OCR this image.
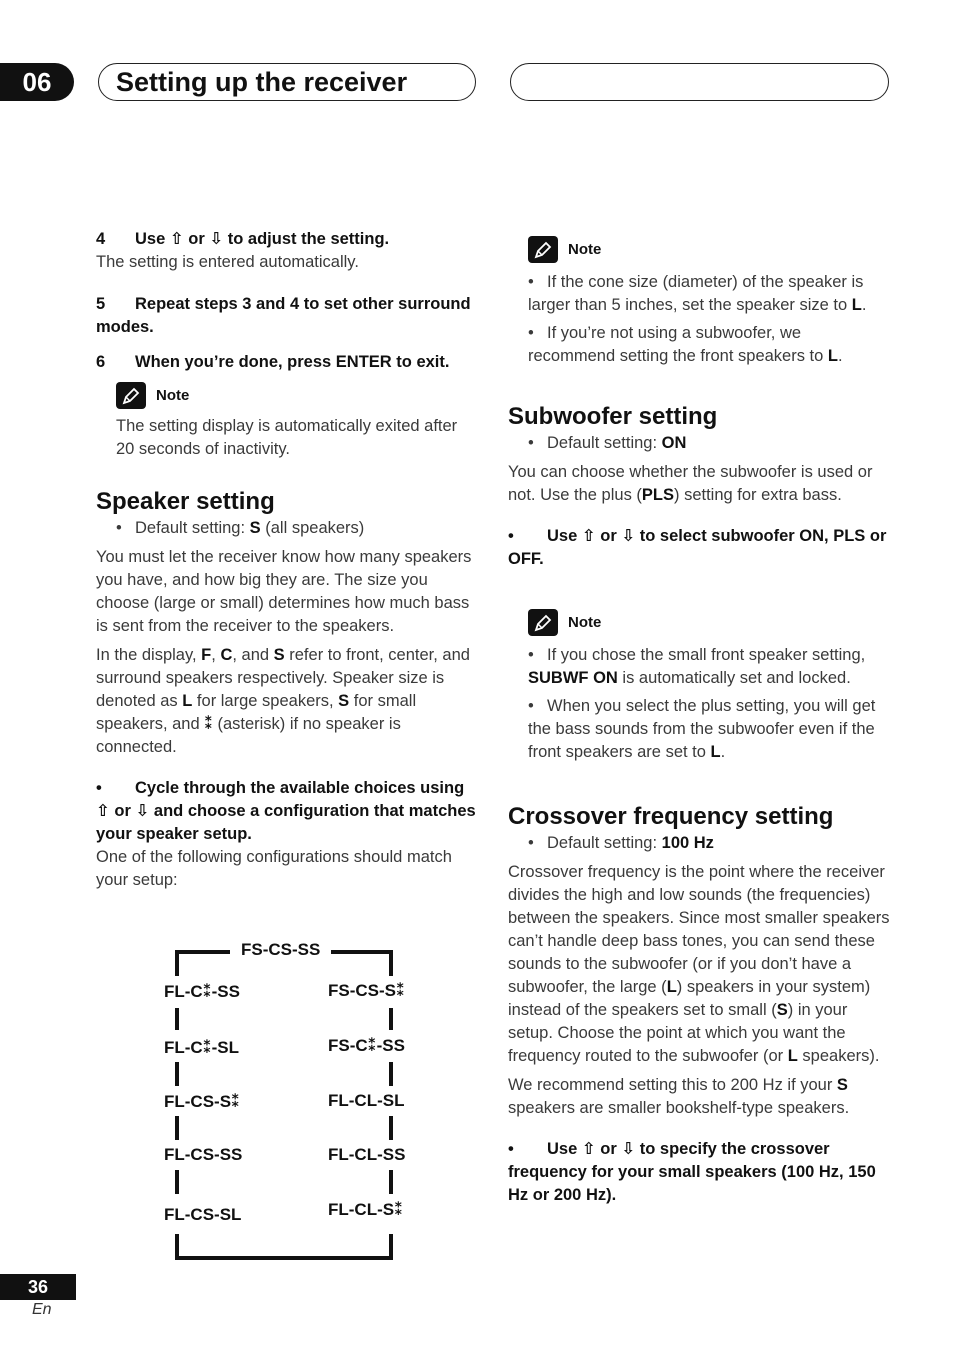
06 Setting up the receiver

4 Use ⇧ or ⇩ to adjust the setting.

The setting is entered automatically.

5 Repeat steps 3 and 4 to set other surround modes.

6 When you’re done, press ENTER to exit.

Note

The setting display is automatically exited after 20 seconds of inactivity.

Speaker setting

• Default setting: S (all speakers)

You must let the receiver know how many speakers you have, and how big they are. The size you choose (large or small) determines how much bass is sent from the receiver to the speakers.

In the display, F, C, and S refer to front, center, and surround speakers respectively. Speaker size is denoted as L for large speakers, S for small speakers, and ⁑ (asterisk) if no speaker is connected.

• Cycle through the available choices using ⇧ or ⇩ and choose a configuration that matches your speaker setup.

One of the following configurations should match your setup:

FS-CS-SS
FL-C⁑-SS
FL-C⁑-SL
FL-CS-S⁑
FL-CS-SS
FL-CS-SL
FS-CS-S⁑
FS-C⁑-SS
FL-CL-SL
FL-CL-SS
FL-CL-S⁑

Note

• If the cone size (diameter) of the speaker is larger than 5 inches, set the speaker size to L.

• If you’re not using a subwoofer, we recommend setting the front speakers to L.

Subwoofer setting

• Default setting: ON

You can choose whether the subwoofer is used or not. Use the plus (PLS) setting for extra bass.

• Use ⇧ or ⇩ to select subwoofer ON, PLS or OFF.

Note

• If you chose the small front speaker setting, SUBWF ON is automatically set and locked.

• When you select the plus setting, you will get the bass sounds from the subwoofer even if the front speakers are set to L.

Crossover frequency setting

• Default setting: 100 Hz

Crossover frequency is the point where the receiver divides the high and low sounds (the frequencies) between the speakers. Since most smaller speakers can’t handle deep bass tones, you can send these sounds to the subwoofer (or if you don’t have a subwoofer, the large (L) speakers in your system) instead of the speakers set to small (S) in your setup. Choose the point at which you want the frequency routed to the subwoofer (or L speakers).

We recommend setting this to 200 Hz if your S speakers are smaller bookshelf-type speakers.

• Use ⇧ or ⇩ to specify the crossover frequency for your small speakers (100 Hz, 150 Hz or 200 Hz).

36
En
